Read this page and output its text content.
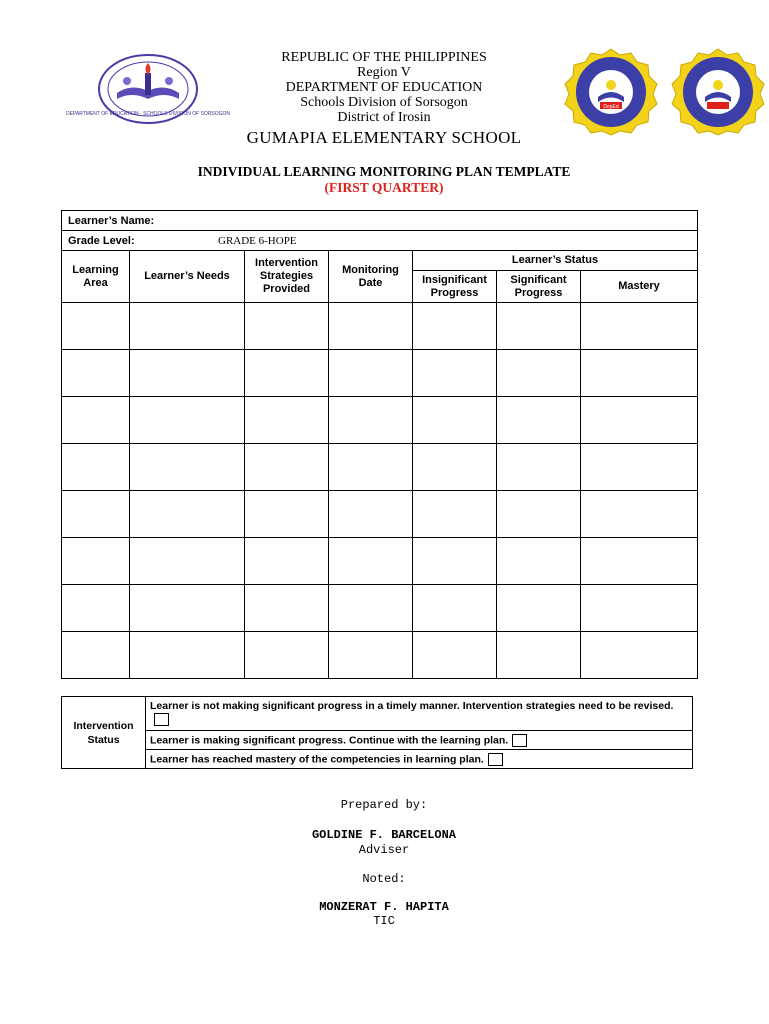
DEPARTMENT OF EDUCATION · SCHOOLS DIVISION OF SORSOGON
DepEd
REPUBLIC OF THE PHILIPPINES
Region V
DEPARTMENT OF EDUCATION
Schools Division of Sorsogon
District of Irosin
GUMAPIA ELEMENTARY SCHOOL
INDIVIDUAL LEARNING MONITORING PLAN TEMPLATE
(FIRST QUARTER)
Learner’s Name:						
Grade Level: GRADE 6-HOPE						
Learning Area	Learner’s Needs	Intervention Strategies Provided	Monitoring Date	Learner’s Status		
				Insignificant Progress	Significant Progress	Mastery

Intervention Status	Learner is not making significant progress in a timely manner. Intervention strategies need to be revised.
Learner is making significant progress. Continue with the learning plan.
Learner has reached mastery of the competencies in learning plan.
Prepared by:
GOLDINE F. BARCELONA
Adviser
Noted:
MONZERAT F. HAPITA
TIC
